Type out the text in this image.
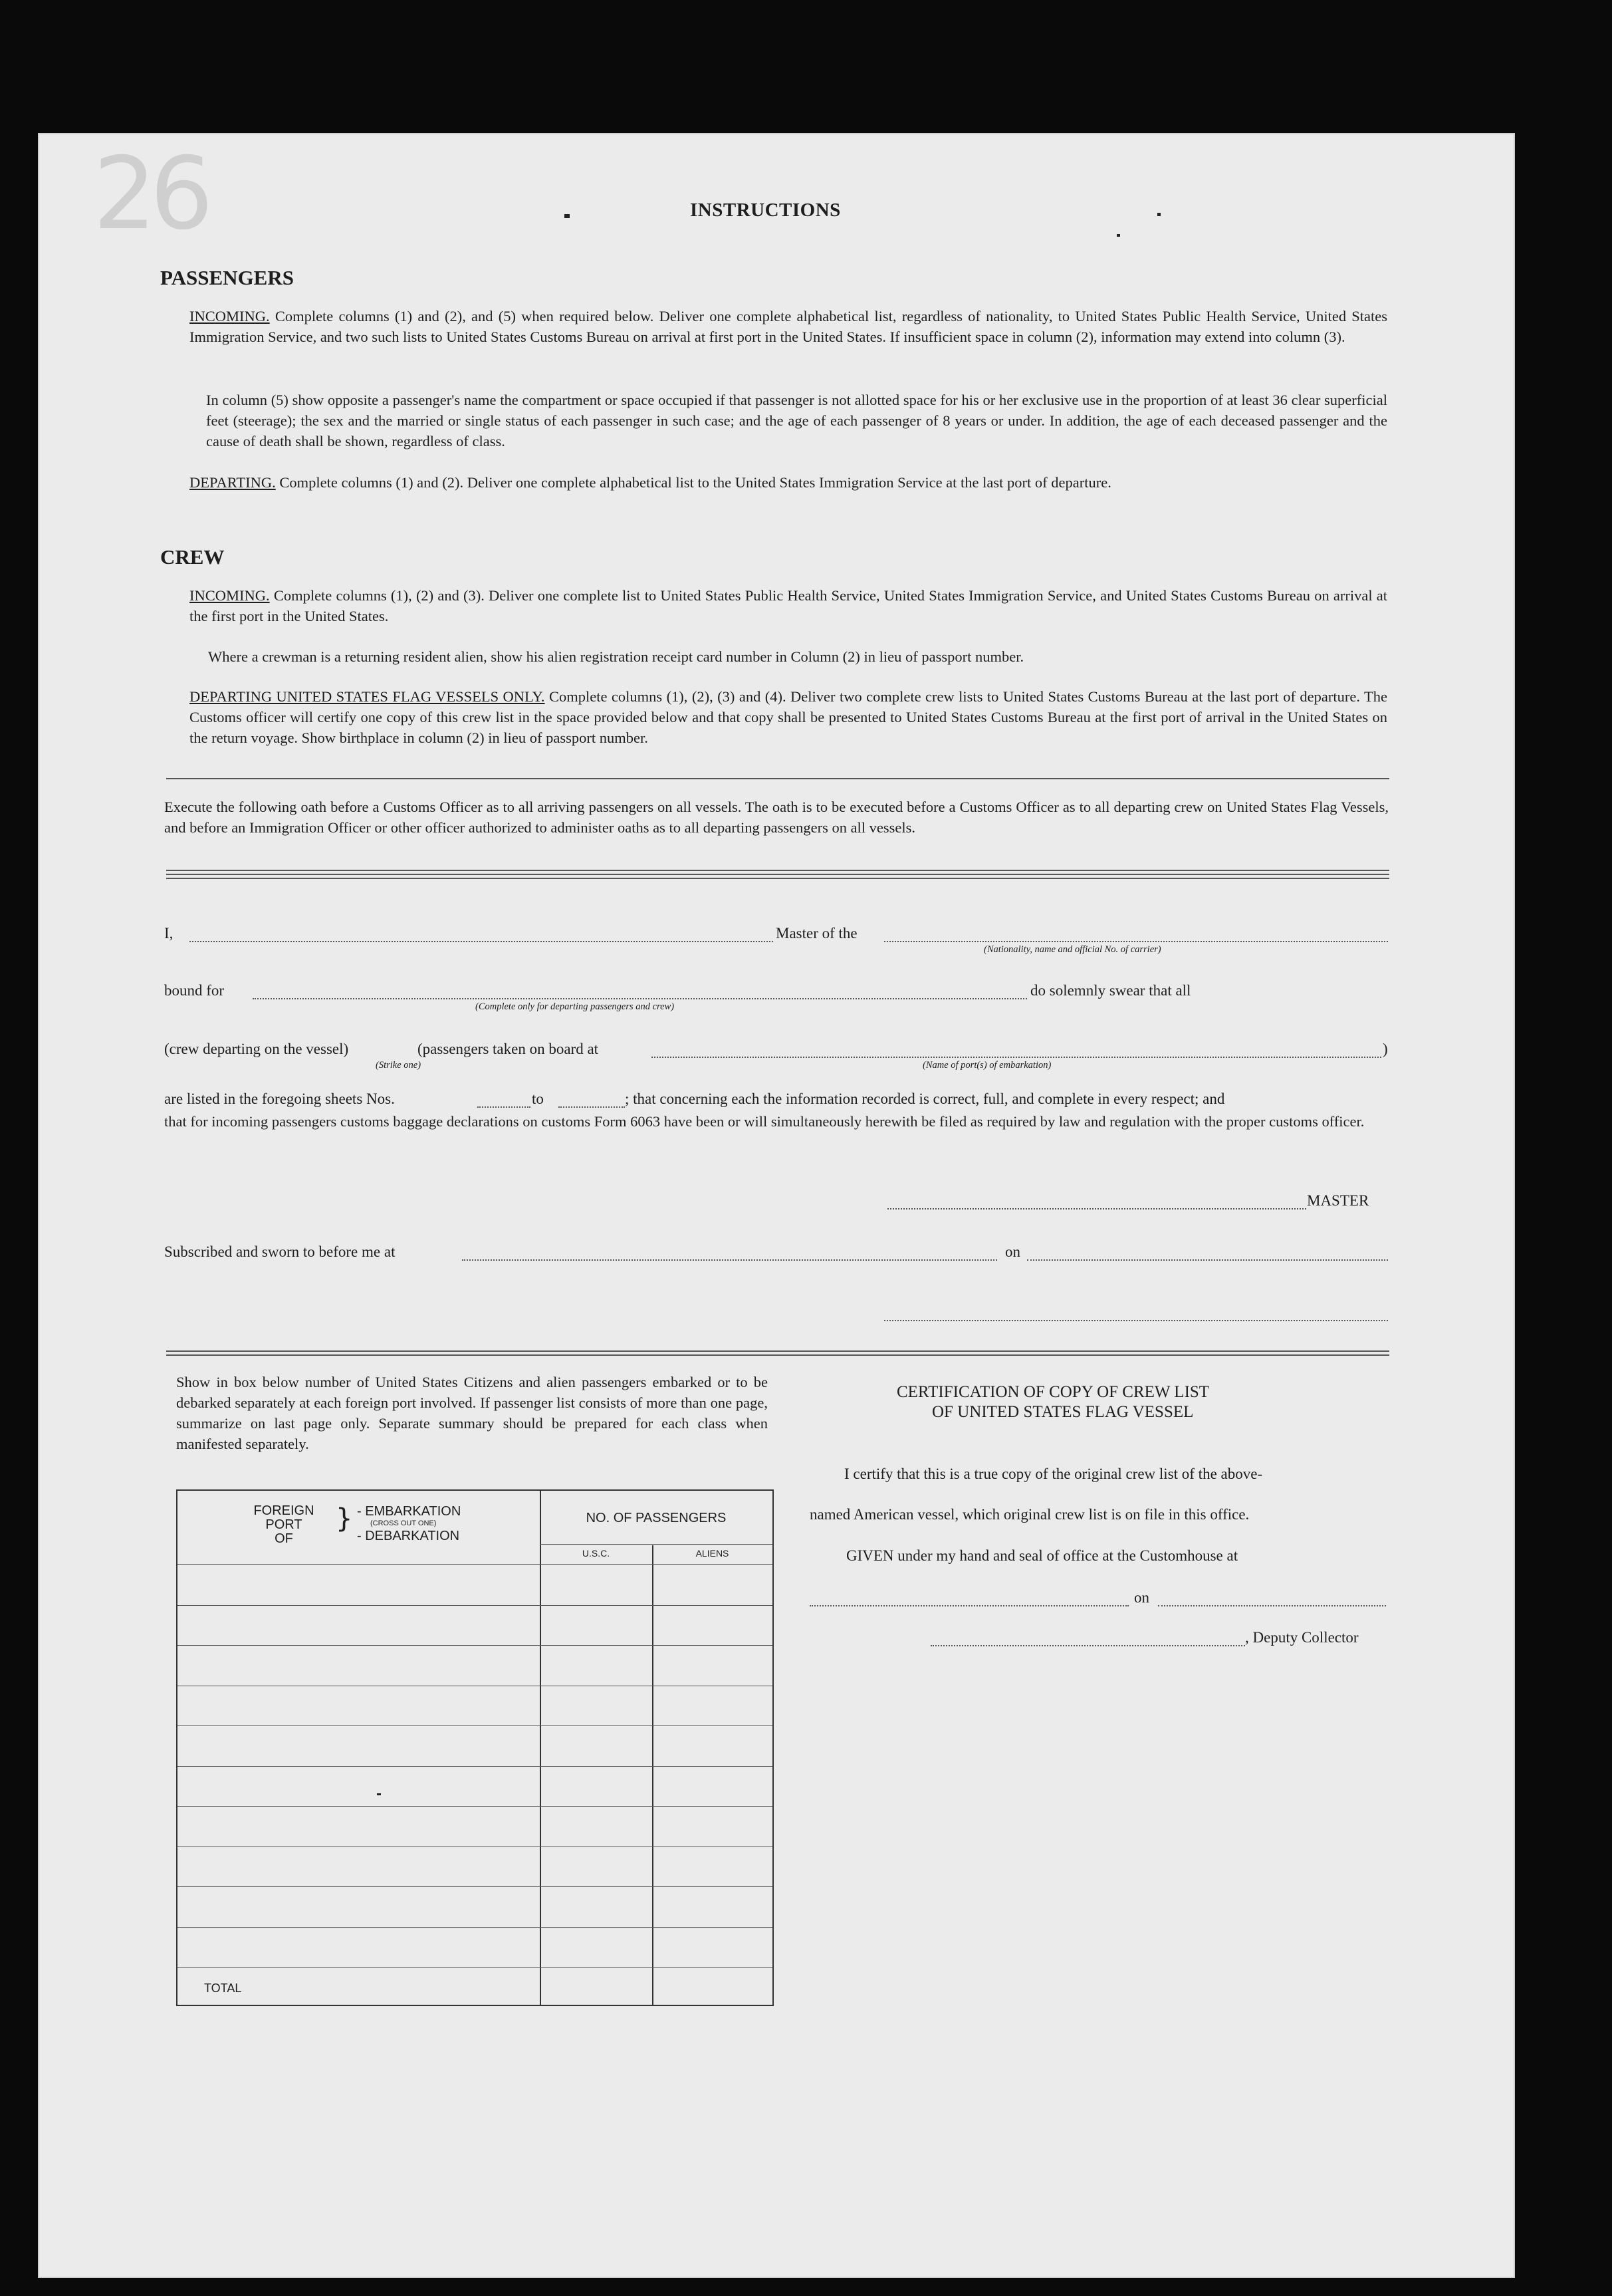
26	INSTRUCTIONS
PASSENGERS
INCOMING. Complete columns (1) and (2), and (5) when required below. Deliver one complete alphabetical list, regardless of nationality, to United States Public Health Service, United States Immigration Service, and two such lists to United States Customs Bureau on arrival at first port in the United States. If insufficient space in column (2), information may extend into column (3).
In column (5) show opposite a passenger's name the compartment or space occupied if that passenger is not allotted space for his or her exclusive use in the proportion of at least 36 clear superficial feet (steerage); the sex and the married or single status of each passenger in such case; and the age of each passenger of 8 years or under. In addition, the age of each deceased passenger and the cause of death shall be shown, regardless of class.
DEPARTING. Complete columns (1) and (2). Deliver one complete alphabetical list to the United States Immigration Service at the last port of departure.
CREW
INCOMING. Complete columns (1), (2) and (3). Deliver one complete list to United States Public Health Service, United States Immigration Service, and United States Customs Bureau on arrival at the first port in the United States.
Where a crewman is a returning resident alien, show his alien registration receipt card number in Column (2) in lieu of passport number.
DEPARTING UNITED STATES FLAG VESSELS ONLY. Complete columns (1), (2), (3) and (4). Deliver two complete crew lists to United States Customs Bureau at the last port of departure. The Customs officer will certify one copy of this crew list in the space provided below and that copy shall be presented to United States Customs Bureau at the first port of arrival in the United States on the return voyage. Show birthplace in column (2) in lieu of passport number.
Execute the following oath before a Customs Officer as to all arriving passengers on all vessels. The oath is to be executed before a Customs Officer as to all departing crew on United States Flag Vessels, and before an Immigration Officer or other officer authorized to administer oaths as to all departing passengers on all vessels.
I,	Master of the
(Nationality, name and official No. of carrier)
bound for	do solemnly swear that all
(Complete only for departing passengers and crew)
(crew departing on the vessel)
(Strike one)
(passengers taken on board at	)
(Name of port(s) of embarkation)
are listed in the foregoing sheets Nos.	to	; that concerning each the information recorded is correct, full, and complete in every respect; and
that for incoming passengers customs baggage declarations on customs Form 6063 have been or will simultaneously herewith be filed as required by law and regulation with the proper customs officer.
MASTER
Subscribed and sworn to before me at	on
Show in box below number of United States Citizens and alien passengers embarked or to be debarked separately at each foreign port involved. If passenger list consists of more than one page, summarize on last page only. Separate summary should be prepared for each class when manifested separately.
FOREIGN
PORT
OF
} - EMBARKATION
(CROSS OUT ONE)
- DEBARKATION
NO. OF PASSENGERS
U.S.C.	ALIENS
TOTAL
CERTIFICATION OF COPY OF CREW LIST
OF UNITED STATES FLAG VESSEL
I certify that this is a true copy of the original crew list of the above-
named American vessel, which original crew list is on file in this office.
GIVEN under my hand and seal of office at the Customhouse at
on
, Deputy Collector
